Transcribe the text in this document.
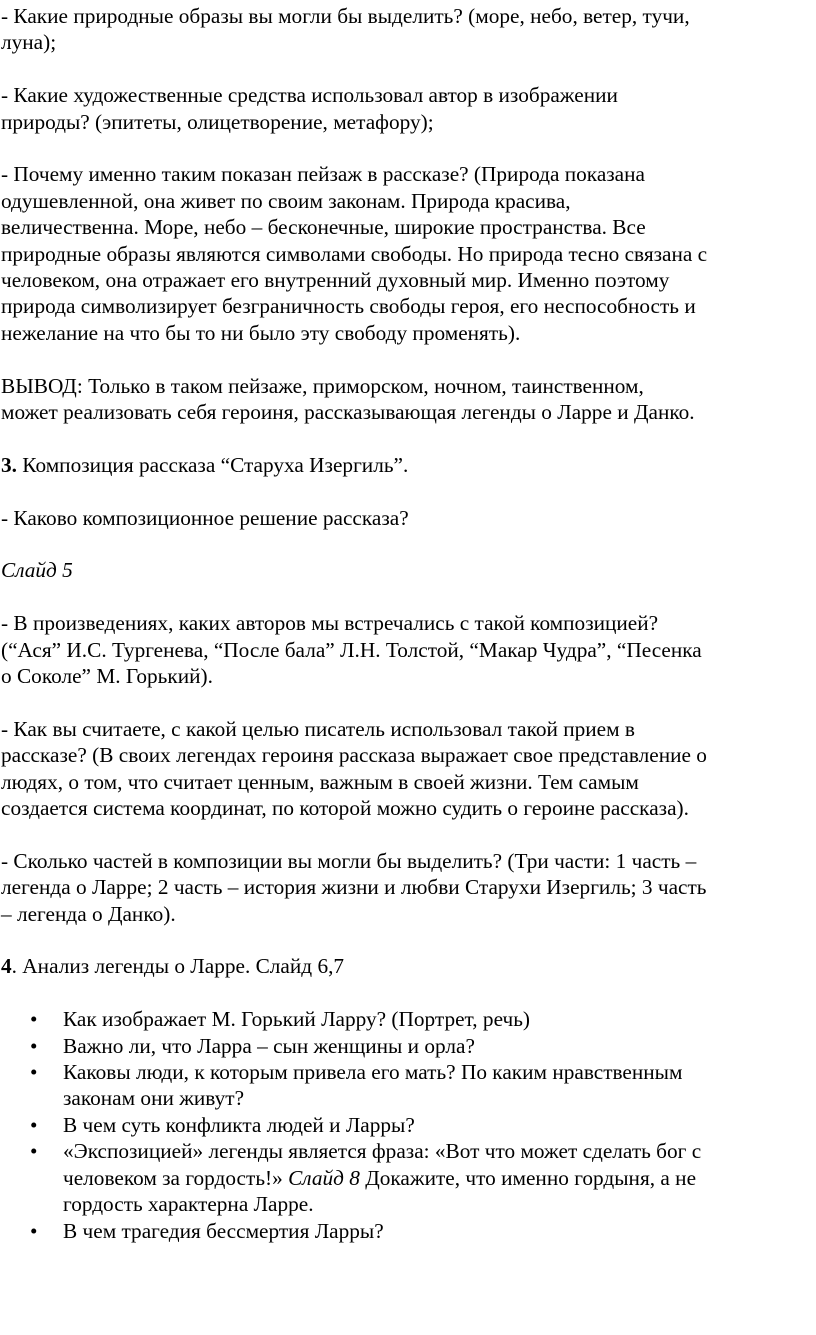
- Какие природные образы вы могли бы выделить? (море, небо, ветер, тучи,
луна);

- Какие художественные средства использовал автор в изображении
природы? (эпитеты, олицетворение, метафору);

- Почему именно таким показан пейзаж в рассказе? (Природа показана
одушевленной, она живет по своим законам. Природа красива,
величественна. Море, небо – бесконечные, широкие пространства. Все
природные образы являются символами свободы. Но природа тесно связана с
человеком, она отражает его внутренний духовный мир. Именно поэтому
природа символизирует безграничность свободы героя, его неспособность и
нежелание на что бы то ни было эту свободу променять).

ВЫВОД: Только в таком пейзаже, приморском, ночном, таинственном,
может реализовать себя героиня, рассказывающая легенды о Ларре и Данко.

3. Композиция рассказа “Старуха Изергиль”.

- Каково композиционное решение рассказа?

Слайд 5

- В произведениях, каких авторов мы встречались с такой композицией?
(“Ася” И.С. Тургенева, “После бала” Л.Н. Толстой, “Макар Чудра”, “Песенка
о Соколе” М. Горький).

- Как вы считаете, с какой целью писатель использовал такой прием в
рассказе? (В своих легендах героиня рассказа выражает свое представление о
людях, о том, что считает ценным, важным в своей жизни. Тем самым
создается система координат, по которой можно судить о героине рассказа).

- Сколько частей в композиции вы могли бы выделить? (Три части: 1 часть –
легенда о Ларре; 2 часть – история жизни и любви Старухи Изергиль; 3 часть
– легенда о Данко).

4. Анализ легенды о Ларре. Слайд 6,7

• Как изображает М. Горький Ларру? (Портрет, речь)
• Важно ли, что Ларра – сын женщины и орла?
• Каковы люди, к которым привела его мать? По каким нравственным
законам они живут?
• В чем суть конфликта людей и Ларры?
• «Экспозицией» легенды является фраза: «Вот что может сделать бог с
человеком за гордость!» Слайд 8 Докажите, что именно гордыня, а не
гордость характерна Ларре.
• В чем трагедия бессмертия Ларры?
